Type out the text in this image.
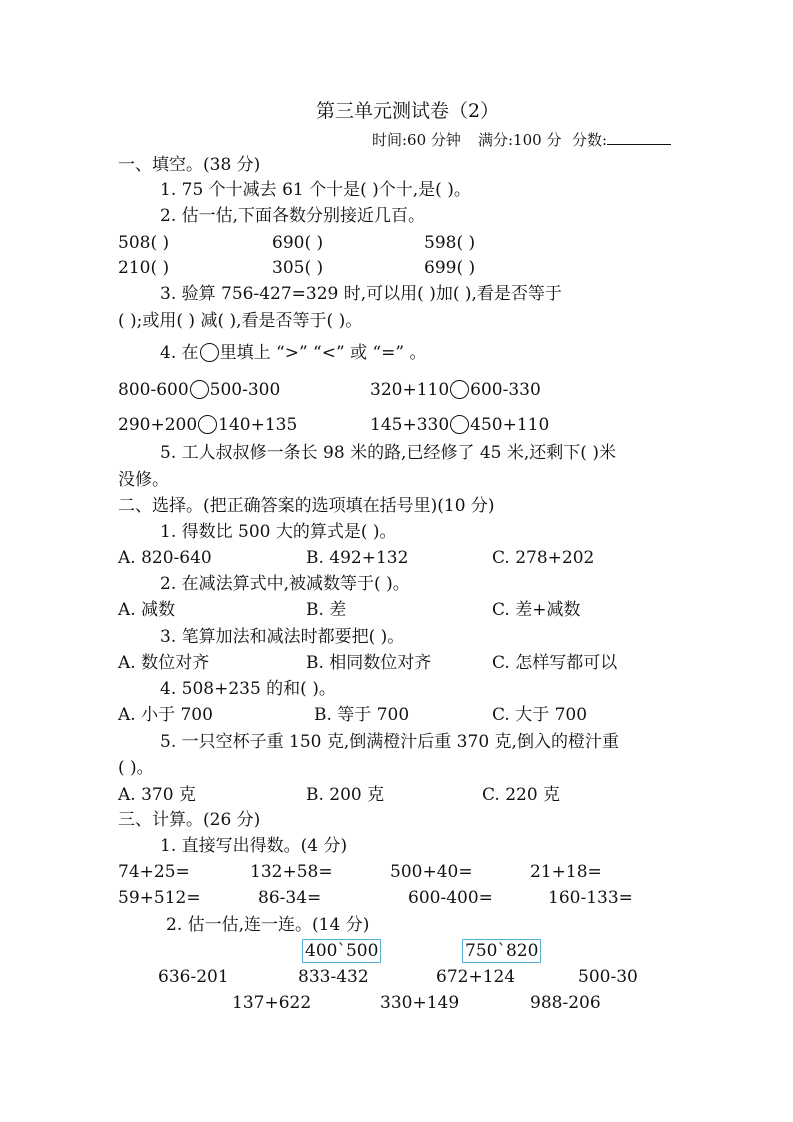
第三单元测试卷（2）
时间:60 分钟 满分:100 分 分数:
一、填空。(38 分)
1. 75 个十减去 61 个十是( )个十,是( )。
2. 估一估,下面各数分别接近几百。
508( )	690( )	598( )
210( )	305( )	699( )
3. 验算 756-427=329 时,可以用( )加( ),看是否等于
( );或用( ) 减( ),看是否等于( )。
4. 在 里填上 “>” “<” 或 “=” 。
800-600 500-300	320+110 600-330
290+200 140+135	145+330 450+110
5. 工人叔叔修一条长 98 米的路,已经修了 45 米,还剩下( )米
没修。
二、选择。(把正确答案的选项填在括号里)(10 分)
1. 得数比 500 大的算式是( )。
A. 820-640	B. 492+132	C. 278+202
2. 在减法算式中,被减数等于( )。
A. 减数	B. 差	C. 差+减数
3. 笔算加法和减法时都要把( )。
A. 数位对齐	B. 相同数位对齐	C. 怎样写都可以
4. 508+235 的和( )。
A. 小于 700	B. 等于 700	C. 大于 700
5. 一只空杯子重 150 克,倒满橙汁后重 370 克,倒入的橙汁重
( )。
A. 370 克	B. 200 克	C. 220 克
三、计算。(26 分)
1. 直接写出得数。(4 分)
74+25=	132+58=	500+40=	21+18=
59+512=	86-34=	600-400=	160-133=
2. 估一估,连一连。(14 分)
400ˋ500	750ˋ820
636-201	833-432	672+124	500-30
137+622	330+149	988-206
